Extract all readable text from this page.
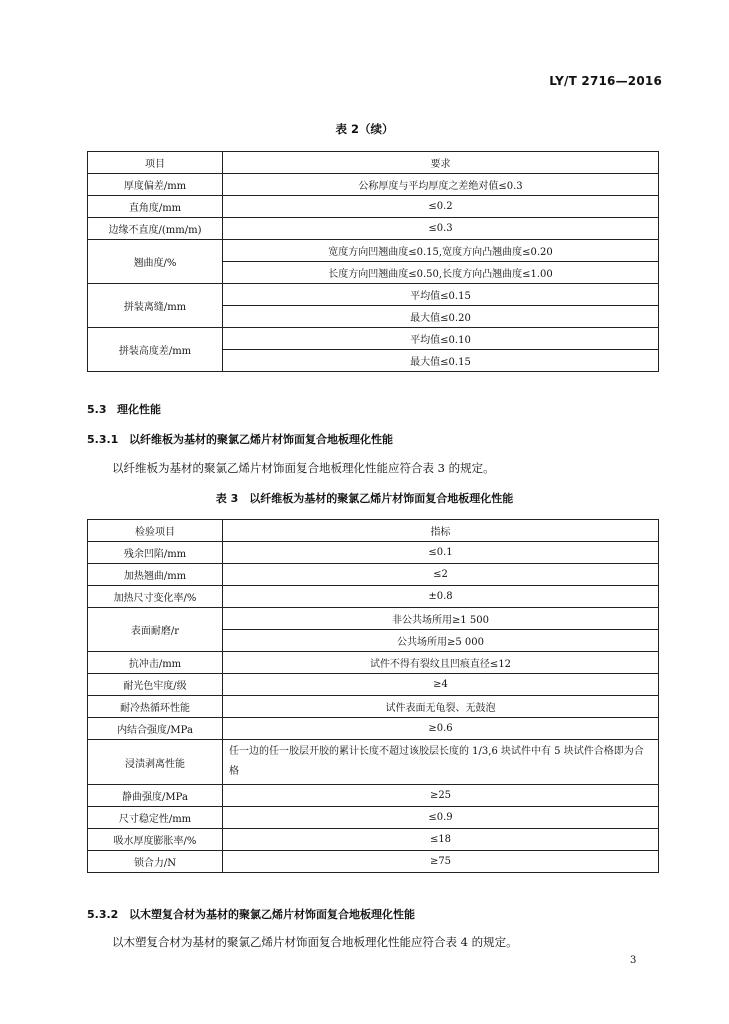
LY/T 2716—2016
表 2（续）
项目	要求
厚度偏差/mm	公称厚度与平均厚度之差绝对值≤0.3
直角度/mm	≤0.2
边缘不直度/(mm/m)	≤0.3
翘曲度/%	宽度方向凹翘曲度≤0.15,宽度方向凸翘曲度≤0.20
	长度方向凹翘曲度≤0.50,长度方向凸翘曲度≤1.00
拼装离缝/mm	平均值≤0.15
	最大值≤0.20
拼装高度差/mm	平均值≤0.10
	最大值≤0.15
5.3 理化性能
5.3.1 以纤维板为基材的聚氯乙烯片材饰面复合地板理化性能
以纤维板为基材的聚氯乙烯片材饰面复合地板理化性能应符合表 3 的规定。
表 3　以纤维板为基材的聚氯乙烯片材饰面复合地板理化性能
检验项目	指标
残余凹陷/mm	≤0.1
加热翘曲/mm	≤2
加热尺寸变化率/%	±0.8
表面耐磨/r	非公共场所用≥1 500
	公共场所用≥5 000
抗冲击/mm	试件不得有裂纹且凹痕直径≤12
耐光色牢度/级	≥4
耐冷热循环性能	试件表面无龟裂、无鼓泡
内结合强度/MPa	≥0.6
浸渍剥离性能	任一边的任一胶层开胶的累计长度不超过该胶层长度的 1/3,6 块试件中有 5 块试件合格即为合格
静曲强度/MPa	≥25
尺寸稳定性/mm	≤0.9
吸水厚度膨胀率/%	≤18
锁合力/N	≥75
5.3.2 以木塑复合材为基材的聚氯乙烯片材饰面复合地板理化性能
以木塑复合材为基材的聚氯乙烯片材饰面复合地板理化性能应符合表 4 的规定。
3
